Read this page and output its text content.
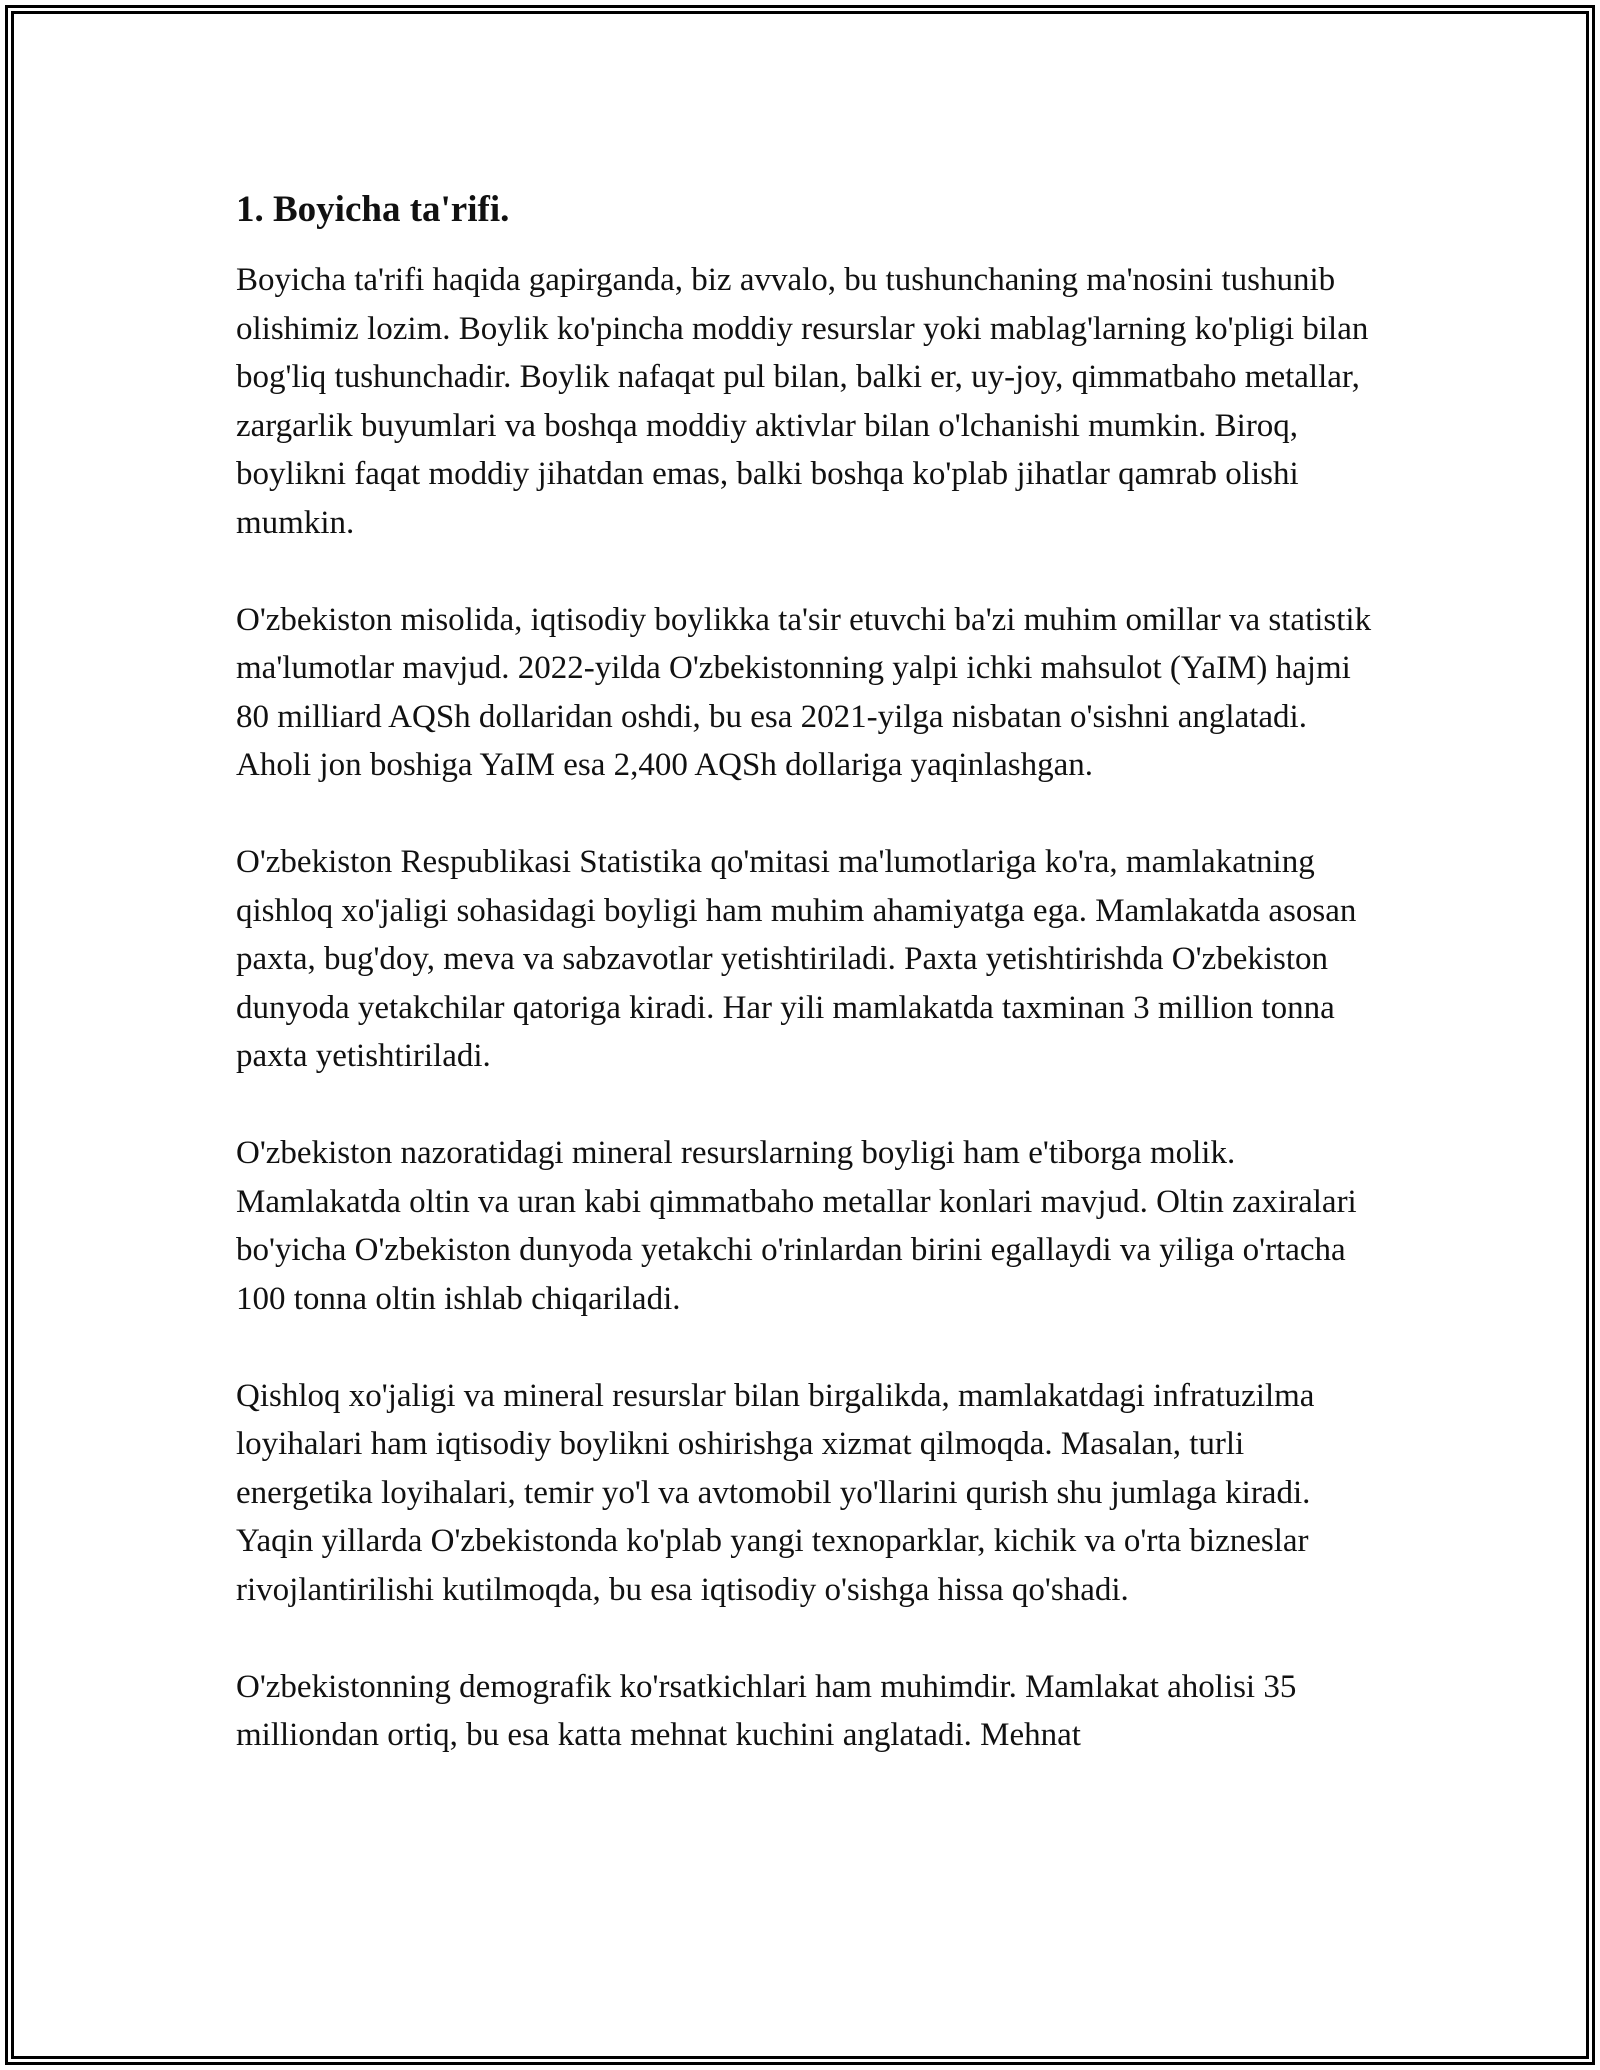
1. Boyicha ta'rifi.

Boyicha ta'rifi haqida gapirganda, biz avvalo, bu tushunchaning ma'nosini tushunib olishimiz lozim. Boylik ko'pincha moddiy resurslar yoki mablag'larning ko'pligi bilan bog'liq tushunchadir. Boylik nafaqat pul bilan, balki er, uy-joy, qimmatbaho metallar, zargarlik buyumlari va boshqa moddiy aktivlar bilan o'lchanishi mumkin. Biroq, boylikni faqat moddiy jihatdan emas, balki boshqa ko'plab jihatlar qamrab olishi mumkin.

O'zbekiston misolida, iqtisodiy boylikka ta'sir etuvchi ba'zi muhim omillar va statistik ma'lumotlar mavjud. 2022-yilda O'zbekistonning yalpi ichki mahsulot (YaIM) hajmi 80 milliard AQSh dollaridan oshdi, bu esa 2021-yilga nisbatan o'sishni anglatadi. Aholi jon boshiga YaIM esa 2,400 AQSh dollariga yaqinlashgan.

O'zbekiston Respublikasi Statistika qo'mitasi ma'lumotlariga ko'ra, mamlakatning qishloq xo'jaligi sohasidagi boyligi ham muhim ahamiyatga ega. Mamlakatda asosan paxta, bug'doy, meva va sabzavotlar yetishtiriladi. Paxta yetishtirishda O'zbekiston dunyoda yetakchilar qatoriga kiradi. Har yili mamlakatda taxminan 3 million tonna paxta yetishtiriladi.

O'zbekiston nazoratidagi mineral resurslarning boyligi ham e'tiborga molik. Mamlakatda oltin va uran kabi qimmatbaho metallar konlari mavjud. Oltin zaxiralari bo'yicha O'zbekiston dunyoda yetakchi o'rinlardan birini egallaydi va yiliga o'rtacha 100 tonna oltin ishlab chiqariladi.

Qishloq xo'jaligi va mineral resurslar bilan birgalikda, mamlakatdagi infratuzilma loyihalari ham iqtisodiy boylikni oshirishga xizmat qilmoqda. Masalan, turli energetika loyihalari, temir yo'l va avtomobil yo'llarini qurish shu jumlaga kiradi. Yaqin yillarda O'zbekistonda ko'plab yangi texnoparklar, kichik va o'rta bizneslar rivojlantirilishi kutilmoqda, bu esa iqtisodiy o'sishga hissa qo'shadi.

O'zbekistonning demografik ko'rsatkichlari ham muhimdir. Mamlakat aholisi 35 milliondan ortiq, bu esa katta mehnat kuchini anglatadi. Mehnat
